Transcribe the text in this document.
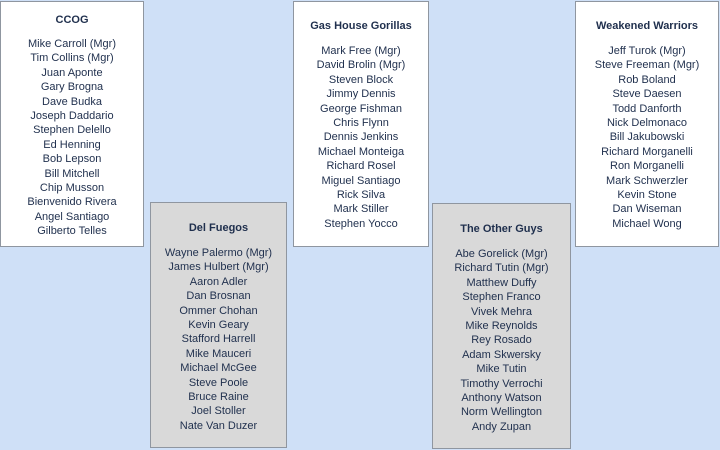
CCOG

Mike Carroll (Mgr)
Tim Collins (Mgr)
Juan Aponte
Gary Brogna
Dave Budka
Joseph Daddario
Stephen Delello
Ed Henning
Bob Lepson
Bill Mitchell
Chip Musson
Bienvenido Rivera
Angel Santiago
Gilberto Telles	Del Fuegos

Wayne Palermo (Mgr)
James Hulbert (Mgr)
Aaron Adler
Dan Brosnan
Ommer Chohan
Kevin Geary
Stafford Harrell
Mike Mauceri
Michael McGee
Steve Poole
Bruce Raine
Joel Stoller
Nate Van Duzer

Gas House Gorillas

Mark Free (Mgr)
David Brolin (Mgr)
Steven Block
Jimmy Dennis
George Fishman
Chris Flynn
Dennis Jenkins
Michael Monteiga
Richard Rosel
Miguel Santiago
Rick Silva
Mark Stiller
Stephen Yocco	The Other Guys

Abe Gorelick (Mgr)
Richard Tutin (Mgr)
Matthew Duffy
Stephen Franco
Vivek Mehra
Mike Reynolds
Rey Rosado
Adam Skwersky
Mike Tutin
Timothy Verrochi
Anthony Watson
Norm Wellington
Andy Zupan

Weakened Warriors

Jeff Turok (Mgr)
Steve Freeman (Mgr)
Rob Boland
Steve Daesen
Todd Danforth
Nick Delmonaco
Bill Jakubowski
Richard Morganelli
Ron Morganelli
Mark Schwerzler
Kevin Stone
Dan Wiseman
Michael Wong
